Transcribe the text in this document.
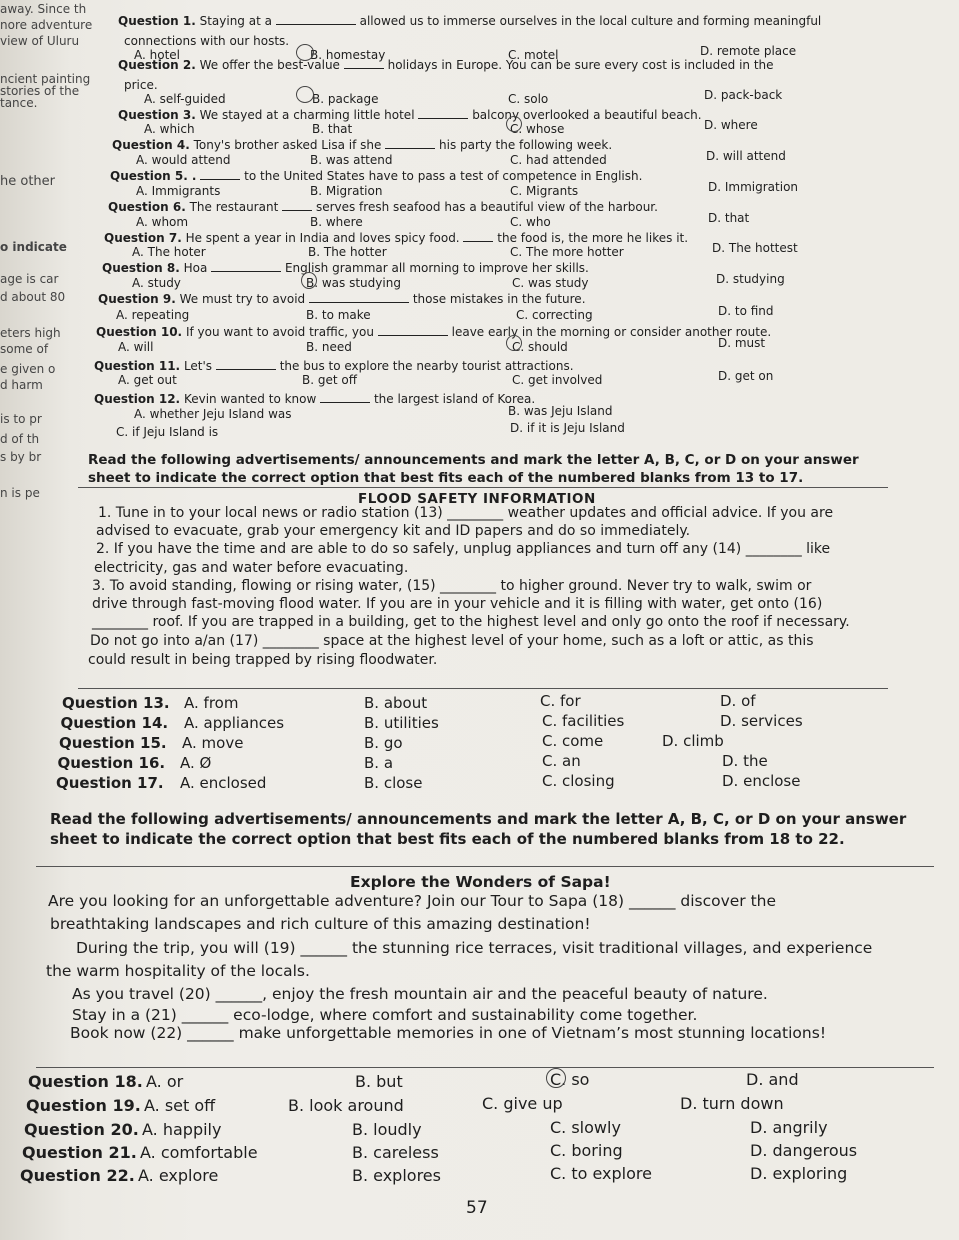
away. Since th
nore adventure
view of Uluru
ncient painting
stories of the
tance.
he other
o indicate
age is car
d about 80
eters high
some of
e given o
d harm
is to pr
d of th
s by br
n is pe
Question 1. Staying at a	allowed us to immerse ourselves in the local culture and forming meaningful
connections with our hosts.
A. hotel	B. homestay	C. motel	D. remote place
Question 2. We offer the best-value	holidays in Europe. You can be sure every cost is included in the
price.
A. self-guided	B. package	C. solo	D. pack-back
Question 3. We stayed at a charming little hotel	balcony overlooked a beautiful beach.
A. which	B. that	C. whose	D. where
Question 4. Tony's brother asked Lisa if she	his party the following week.
A. would attend	B. was attend	C. had attended	D. will attend
Question 5. .	to the United States have to pass a test of competence in English.
A. Immigrants	B. Migration	C. Migrants	D. Immigration
Question 6. The restaurant	serves fresh seafood has a beautiful view of the harbour.
A. whom	B. where	C. who	D. that
Question 7. He spent a year in India and loves spicy food.	the food is, the more he likes it.
A. The hoter	B. The hotter	C. The more hotter	D. The hottest
Question 8. Hoa	English grammar all morning to improve her skills.
A. study	B. was studying	C. was study	D. studying
Question 9. We must try to avoid	those mistakes in the future.
A. repeating	B. to make	C. correcting	D. to find
Question 10. If you want to avoid traffic, you	leave early in the morning or consider another route.
A. will	B. need	C. should	D. must
Question 11. Let's	the bus to explore the nearby tourist attractions.
A. get out	B. get off	C. get involved	D. get on
Question 12. Kevin wanted to know	the largest island of Korea.
A. whether Jeju Island was	B. was Jeju Island
C. if Jeju Island is	D. if it is Jeju Island
Read the following advertisements/ announcements and mark the letter A, B, C, or D on your answer
sheet to indicate the correct option that best fits each of the numbered blanks from 13 to 17.
FLOOD SAFETY INFORMATION
1. Tune in to your local news or radio station (13) ________ weather updates and official advice. If you are
advised to evacuate, grab your emergency kit and ID papers and do so immediately.
2. If you have the time and are able to do so safely, unplug appliances and turn off any (14) ________ like
electricity, gas and water before evacuating.
3. To avoid standing, flowing or rising water, (15) ________ to higher ground. Never try to walk, swim or
drive through fast-moving flood water. If you are in your vehicle and it is filling with water, get onto (16)
________ roof. If you are trapped in a building, get to the highest level and only go onto the roof if necessary.
Do not go into a/an (17) ________ space at the highest level of your home, such as a loft or attic, as this
could result in being trapped by rising floodwater.
Question 13. A. from	B. about	C. for	D. of
Question 14. A. appliances	B. utilities	C. facilities	D. services
Question 15. A. move	B. go	C. come	D. climb
Question 16. A. Ø	B. a	C. an	D. the
Question 17. A. enclosed	B. close	C. closing	D. enclose
Read the following advertisements/ announcements and mark the letter A, B, C, or D on your answer
sheet to indicate the correct option that best fits each of the numbered blanks from 18 to 22.
Explore the Wonders of Sapa!
Are you looking for an unforgettable adventure? Join our Tour to Sapa (18) ______ discover the
breathtaking landscapes and rich culture of this amazing destination!
During the trip, you will (19) ______ the stunning rice terraces, visit traditional villages, and experience
the warm hospitality of the locals.
As you travel (20) ______, enjoy the fresh mountain air and the peaceful beauty of nature.
Stay in a (21) ______ eco-lodge, where comfort and sustainability come together.
Book now (22) ______ make unforgettable memories in one of Vietnam’s most stunning locations!
Question 18. A. or	B. but	C. so	D. and
Question 19. A. set off	B. look around	C. give up	D. turn down
Question 20. A. happily	B. loudly	C. slowly	D. angrily
Question 21. A. comfortable	B. careless	C. boring	D. dangerous
Question 22. A. explore	B. explores	C. to explore	D. exploring
57
